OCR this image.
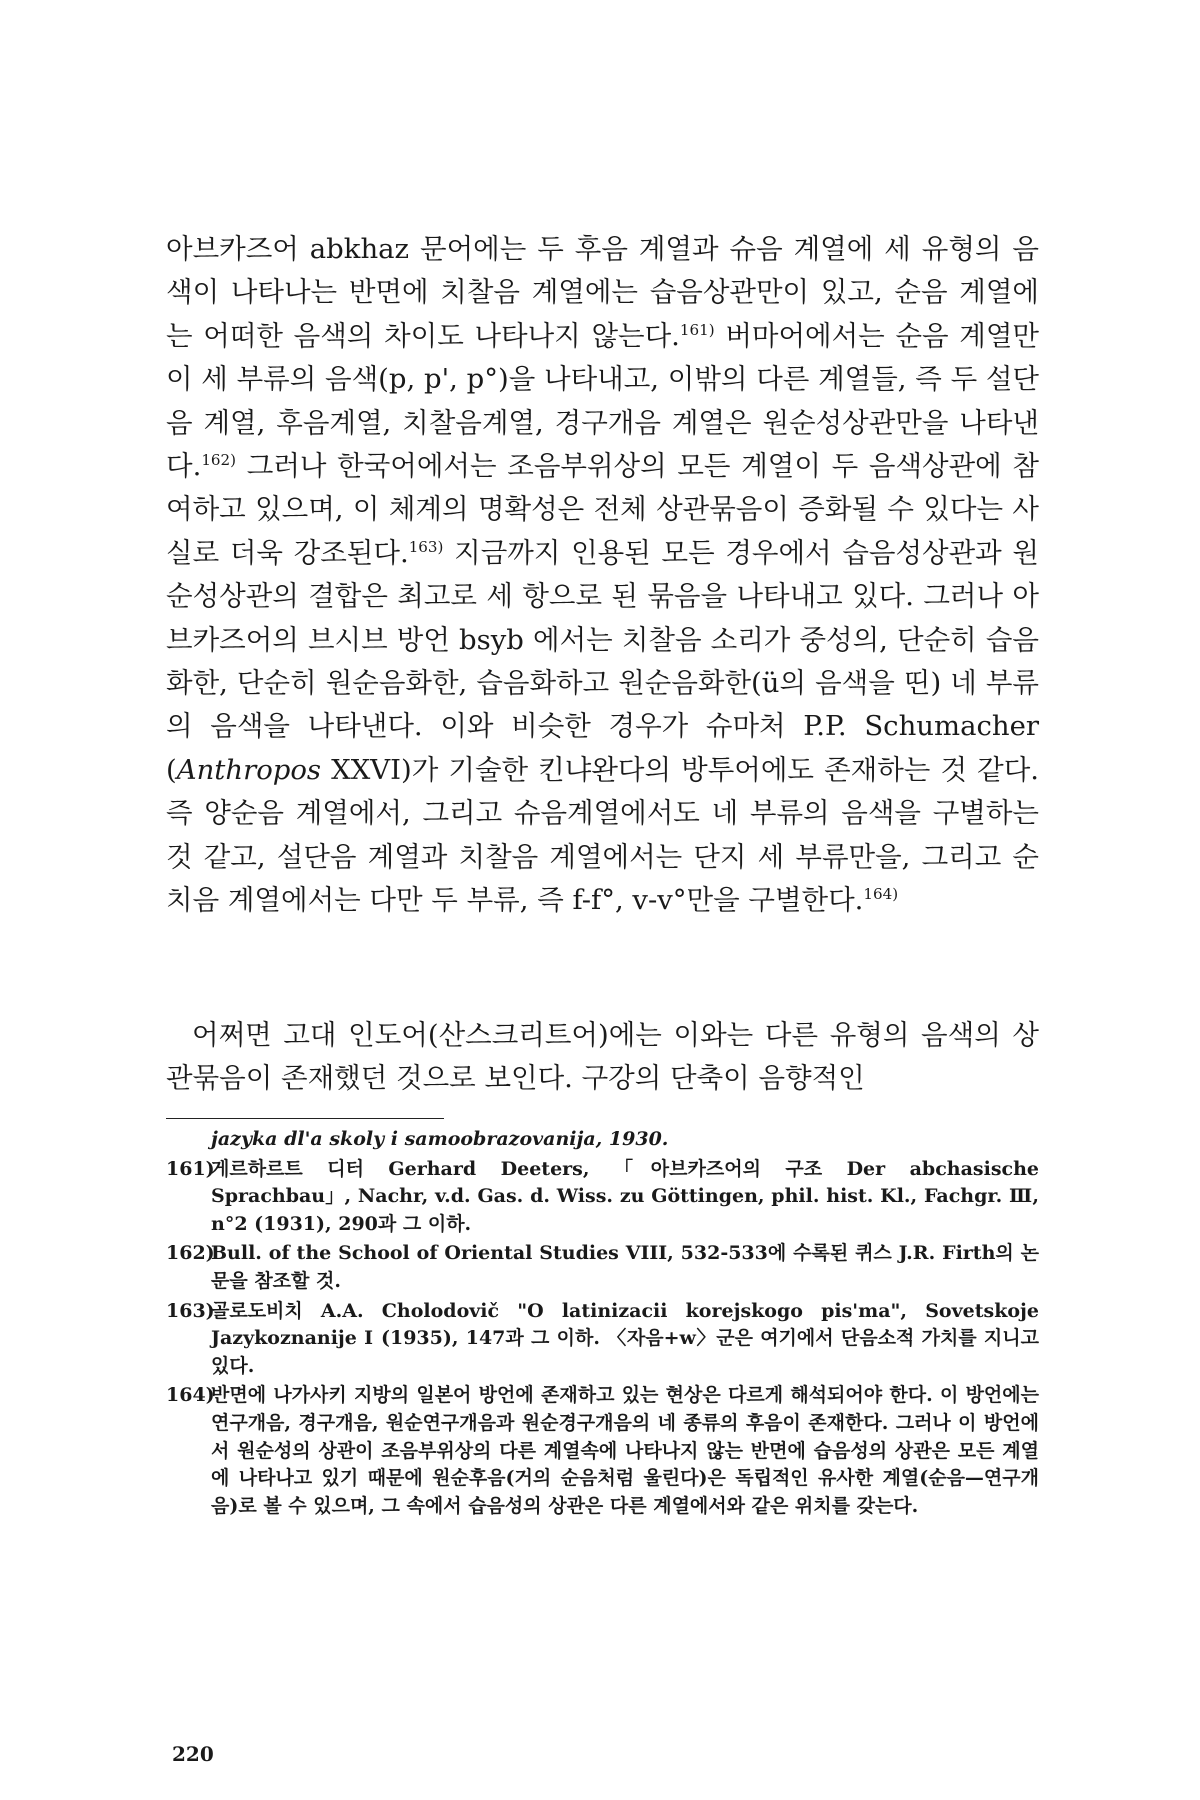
아브카즈어 abkhaz 문어에는 두 후음 계열과 슈음 계열에 세 유형의 음색이 나타나는 반면에 치찰음 계열에는 습음상관만이 있고, 순음 계열에는 어떠한 음색의 차이도 나타나지 않는다.$^{161)}$ 버마어에서는 순음 계열만이 세 부류의 음색(p, p', p°)을 나타내고, 이밖의 다른 계열들, 즉 두 설단음 계열, 후음계열, 치찰음계열, 경구개음 계열은 원순성상관만을 나타낸다.$^{162)}$ 그러나 한국어에서는 조음부위상의 모든 계열이 두 음색상관에 참여하고 있으며, 이 체계의 명확성은 전체 상관묶음이 증화될 수 있다는 사실로 더욱 강조된다.$^{163)}$ 지금까지 인용된 모든 경우에서 습음성상관과 원순성상관의 결합은 최고로 세 항으로 된 묶음을 나타내고 있다. 그러나 아브카즈어의 브시브 방언 bsyb 에서는 치찰음 소리가 중성의, 단순히 습음화한, 단순히 원순음화한, 습음화하고 원순음화한(ü의 음색을 띤) 네 부류의 음색을 나타낸다. 이와 비슷한 경우가 슈마처 P.P. Schumacher (Anthropos XXVI)가 기술한 킨냐완다의 방투어에도 존재하는 것 같다. 즉 양순음 계열에서, 그리고 슈음계열에서도 네 부류의 음색을 구별하는 것 같고, 설단음 계열과 치찰음 계열에서는 단지 세 부류만을, 그리고 순치음 계열에서는 다만 두 부류, 즉 f-f°, v-v°만을 구별한다.$^{164)}$

어쩌면 고대 인도어(산스크리트어)에는 이와는 다른 유형의 음색의 상관묶음이 존재했던 것으로 보인다. 구강의 단축이 음향적인

jazyka dl'a skoly i samoobrazovanija, 1930.

161)
게르하르트 디터 Gerhard Deeters, 「아브카즈어의 구조 Der abchasische Sprachbau」, Nachr, v.d. Gas. d. Wiss. zu Göttingen, phil. hist. Kl., Fachgr. Ⅲ, n°2 (1931), 290과 그 이하.
162)
Bull. of the School of Oriental Studies VIII, 532-533에 수록된 퀴스 J.R. Firth의 논문을 참조할 것.
163)
골로도비치 A.A. Cholodovič "O latinizacii korejskogo pis'ma", Sovetskoje Jazykoznanije Ⅰ (1935), 147과 그 이하. 〈자음+w〉군은 여기에서 단음소적 가치를 지니고 있다.
164)
반면에 나가사키 지방의 일본어 방언에 존재하고 있는 현상은 다르게 해석되어야 한다. 이 방언에는 연구개음, 경구개음, 원순연구개음과 원순경구개음의 네 종류의 후음이 존재한다. 그러나 이 방언에서 원순성의 상관이 조음부위상의 다른 계열속에 나타나지 않는 반면에 습음성의 상관은 모든 계열에 나타나고 있기 때문에 원순후음(거의 순음처럼 울린다)은 독립적인 유사한 계열(순음—연구개음)로 볼 수 있으며, 그 속에서 습음성의 상관은 다른 계열에서와 같은 위치를 갖는다.
220
